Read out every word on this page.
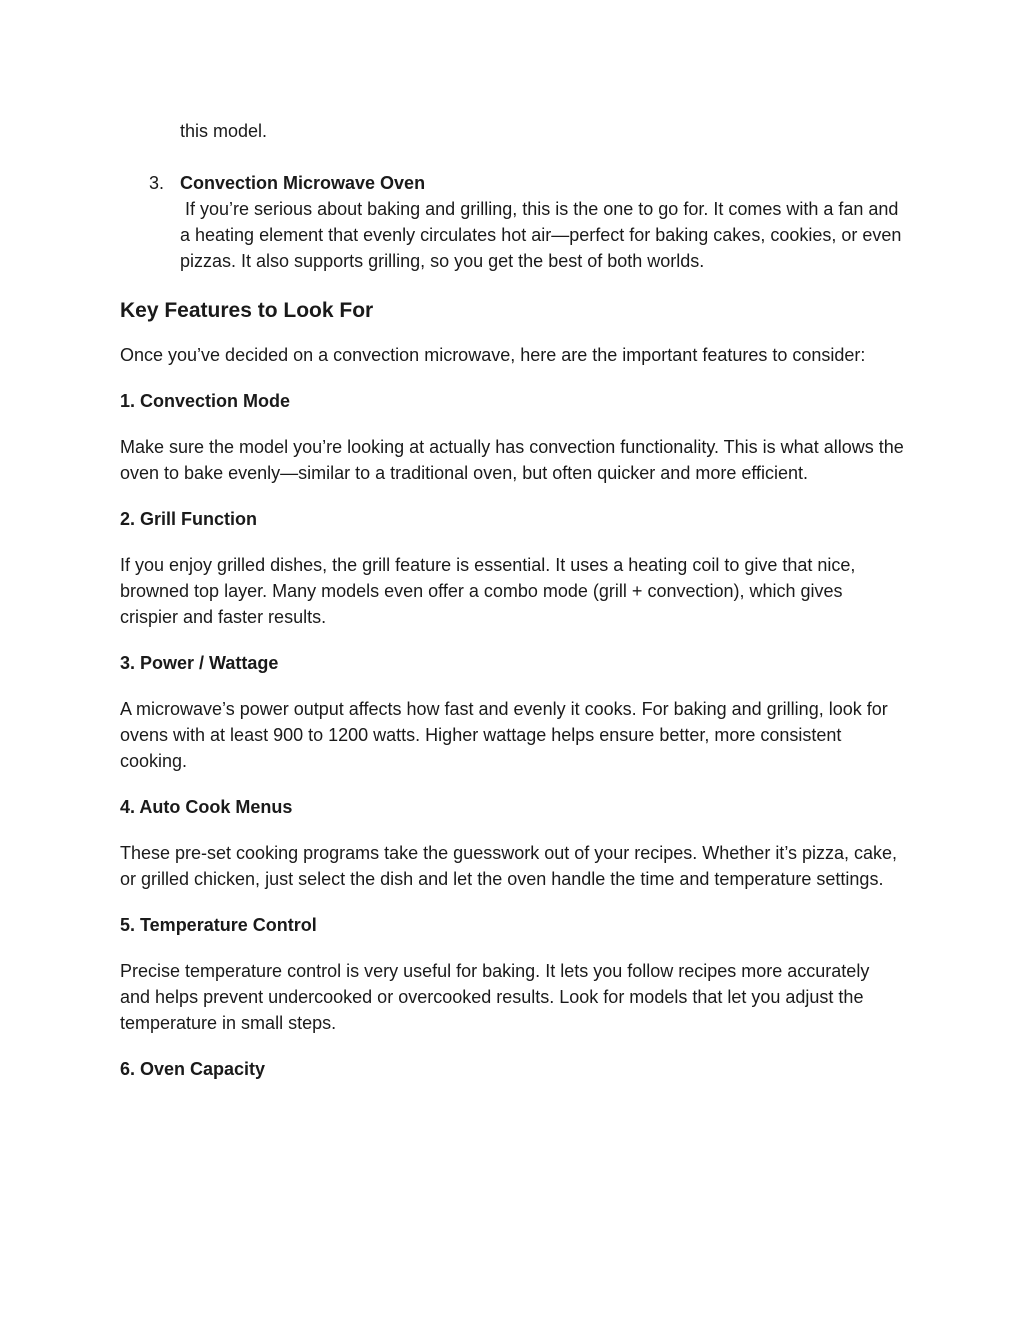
this model.

3. Convection Microwave Oven
If you’re serious about baking and grilling, this is the one to go for. It comes with a fan and a heating element that evenly circulates hot air—perfect for baking cakes, cookies, or even pizzas. It also supports grilling, so you get the best of both worlds.
Key Features to Look For

Once you’ve decided on a convection microwave, here are the important features to consider:

1. Convection Mode

Make sure the model you’re looking at actually has convection functionality. This is what allows the oven to bake evenly—similar to a traditional oven, but often quicker and more efficient.

2. Grill Function

If you enjoy grilled dishes, the grill feature is essential. It uses a heating coil to give that nice, browned top layer. Many models even offer a combo mode (grill + convection), which gives crispier and faster results.

3. Power / Wattage

A microwave’s power output affects how fast and evenly it cooks. For baking and grilling, look for ovens with at least 900 to 1200 watts. Higher wattage helps ensure better, more consistent cooking.

4. Auto Cook Menus

These pre-set cooking programs take the guesswork out of your recipes. Whether it’s pizza, cake, or grilled chicken, just select the dish and let the oven handle the time and temperature settings.

5. Temperature Control

Precise temperature control is very useful for baking. It lets you follow recipes more accurately and helps prevent undercooked or overcooked results. Look for models that let you adjust the temperature in small steps.

6. Oven Capacity
